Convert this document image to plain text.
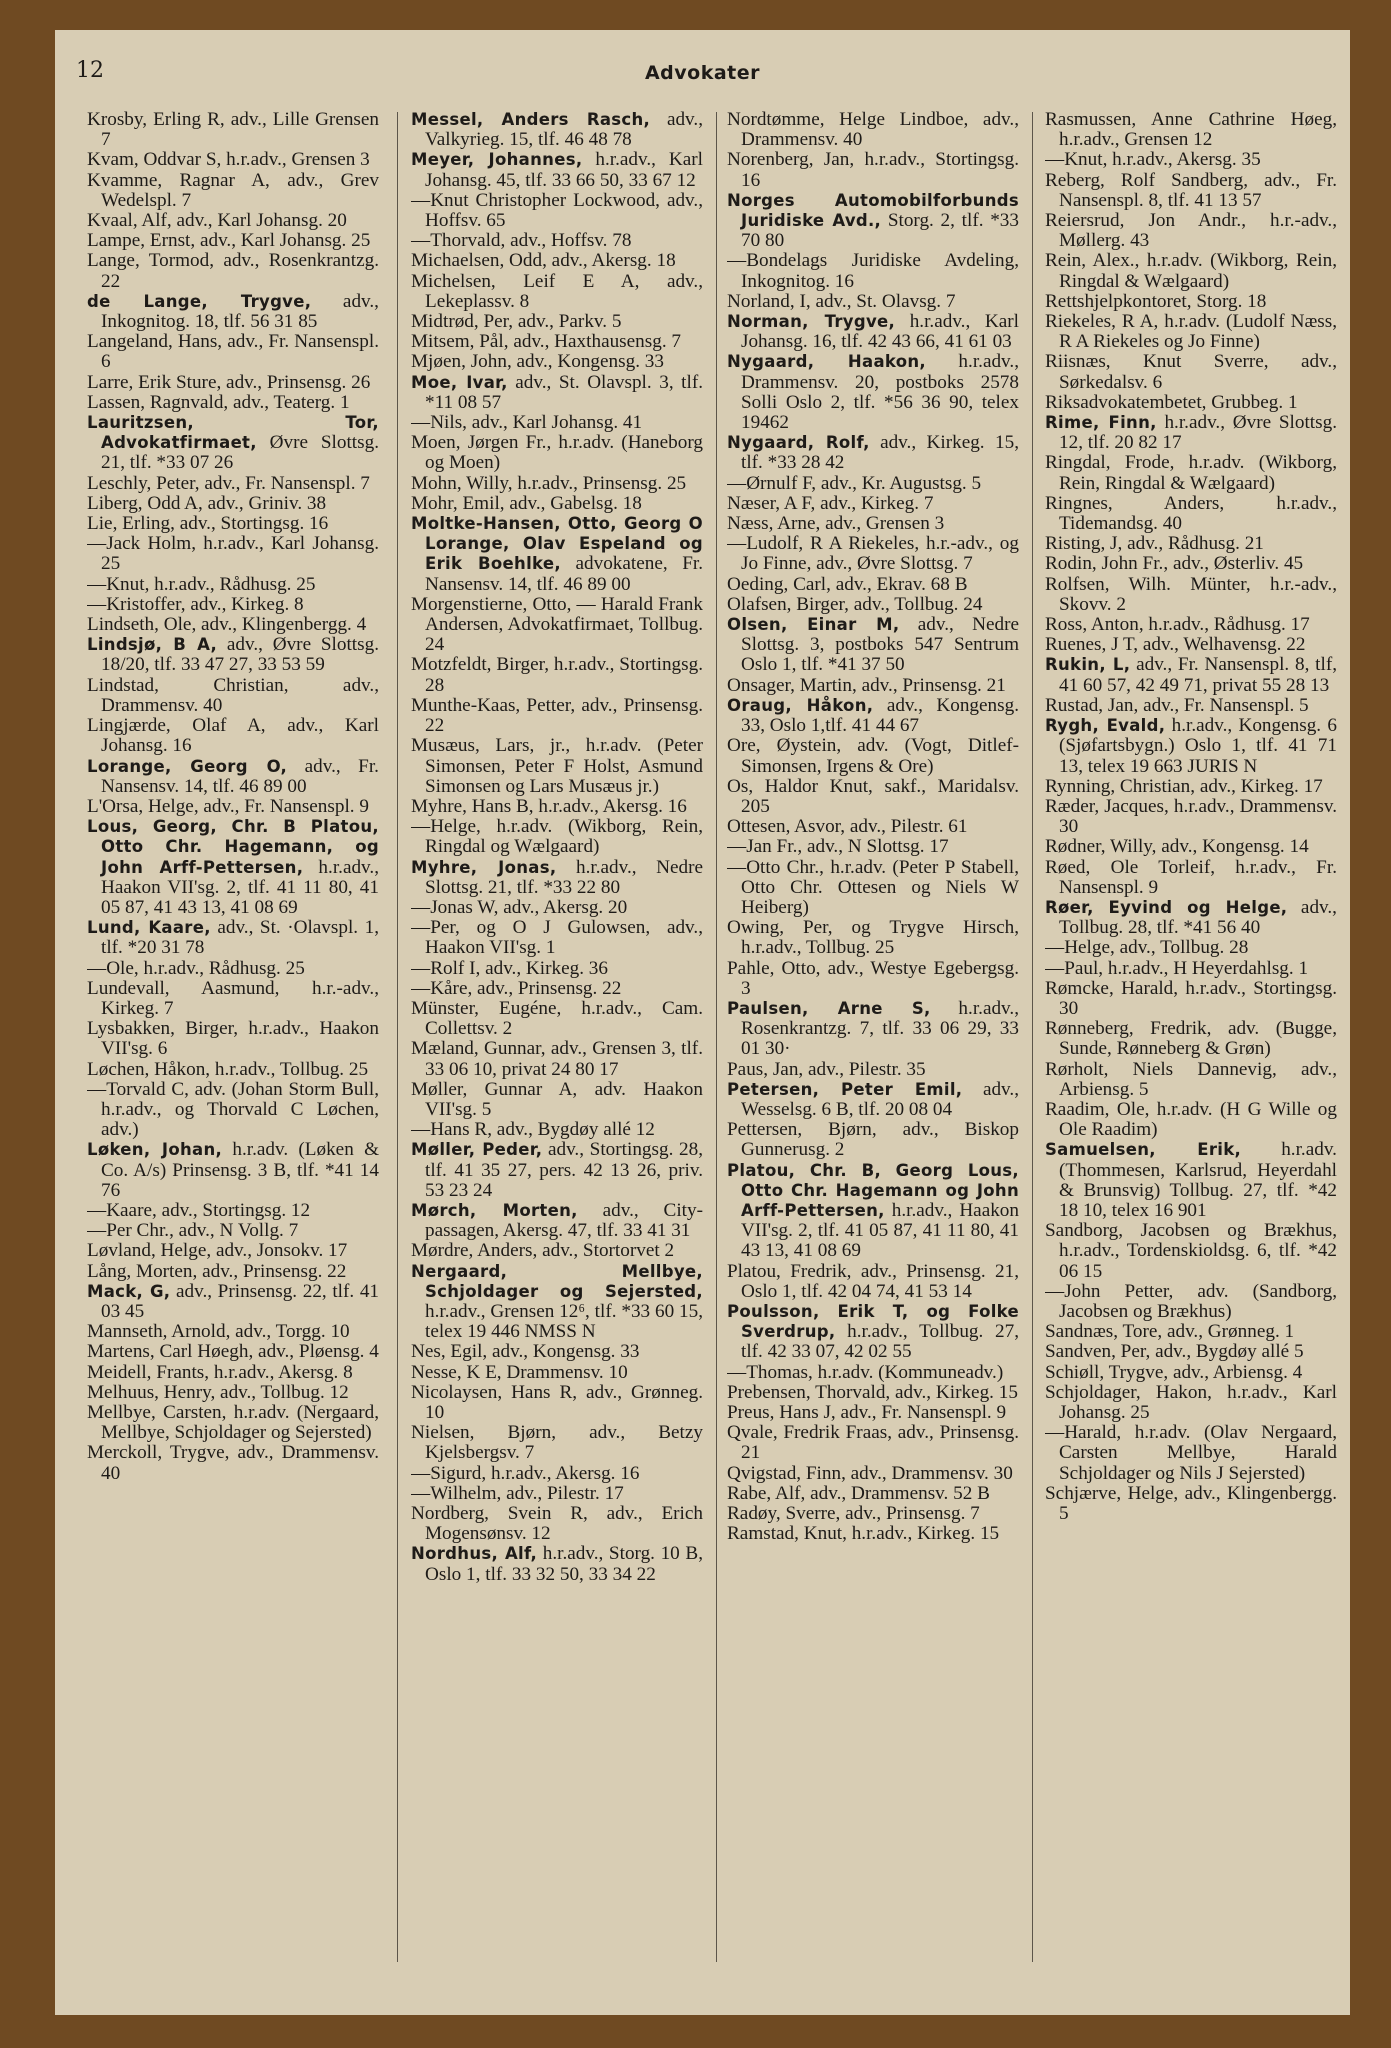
12	Advokater

Krosby, Erling R, adv., Lille Grensen 7

Kvam, Oddvar S, h.r.adv., Grensen 3

Kvamme, Ragnar A, adv., Grev Wedelspl. 7

Kvaal, Alf, adv., Karl Johansg. 20

Lampe, Ernst, adv., Karl Johansg. 25

Lange, Tormod, adv., Rosenkrantzg. 22

de Lange, Trygve, adv., Inkognitog. 18, tlf. 56 31 85

Langeland, Hans, adv., Fr. Nansenspl. 6

Larre, Erik Sture, adv., Prinsensg. 26

Lassen, Ragnvald, adv., Teaterg. 1

Lauritzsen, Tor, Advokatfirmaet, Øvre Slottsg. 21, tlf. *33 07 26

Leschly, Peter, adv., Fr. Nansenspl. 7

Liberg, Odd A, adv., Griniv. 38

Lie, Erling, adv., Stortingsg. 16

—Jack Holm, h.r.adv., Karl Johansg. 25

—Knut, h.r.adv., Rådhusg. 25

—Kristoffer, adv., Kirkeg. 8

Lindseth, Ole, adv., Klingenbergg. 4

Lindsjø, B A, adv., Øvre Slottsg. 18/20, tlf. 33 47 27, 33 53 59

Lindstad, Christian, adv., Drammensv. 40

Lingjærde, Olaf A, adv., Karl Johansg. 16

Lorange, Georg O, adv., Fr. Nansensv. 14, tlf. 46 89 00

L'Orsa, Helge, adv., Fr. Nansenspl. 9

Lous, Georg, Chr. B Platou, Otto Chr. Hagemann, og John Arff-Pettersen, h.r.adv., Haakon VII'sg. 2, tlf. 41 11 80, 41 05 87, 41 43 13, 41 08 69

Lund, Kaare, adv., St. ·Olavspl. 1, tlf. *20 31 78

—Ole, h.r.adv., Rådhusg. 25

Lundevall, Aasmund, h.r.-adv., Kirkeg. 7

Lysbakken, Birger, h.r.adv., Haakon VII'sg. 6

Løchen, Håkon, h.r.adv., Tollbug. 25

—Torvald C, adv. (Johan Storm Bull, h.r.adv., og Thorvald C Løchen, adv.)

Løken, Johan, h.r.adv. (Løken & Co. A/s) Prinsensg. 3 B, tlf. *41 14 76

—Kaare, adv., Stortingsg. 12

—Per Chr., adv., N Vollg. 7

Løvland, Helge, adv., Jonsokv. 17

Lång, Morten, adv., Prinsensg. 22

Mack, G, adv., Prinsensg. 22, tlf. 41 03 45

Mannseth, Arnold, adv., Torgg. 10

Martens, Carl Høegh, adv., Pløensg. 4

Meidell, Frants, h.r.adv., Akersg. 8

Melhuus, Henry, adv., Tollbug. 12

Mellbye, Carsten, h.r.adv. (Nergaard, Mellbye, Schjoldager og Sejersted)

Merckoll, Trygve, adv., Drammensv. 40

Messel, Anders Rasch, adv., Valkyrieg. 15, tlf. 46 48 78

Meyer, Johannes, h.r.adv., Karl Johansg. 45, tlf. 33 66 50, 33 67 12

—Knut Christopher Lockwood, adv., Hoffsv. 65

—Thorvald, adv., Hoffsv. 78

Michaelsen, Odd, adv., Akersg. 18

Michelsen, Leif E A, adv., Lekeplassv. 8

Midtrød, Per, adv., Parkv. 5

Mitsem, Pål, adv., Haxthausensg. 7

Mjøen, John, adv., Kongensg. 33

Moe, Ivar, adv., St. Olavspl. 3, tlf. *11 08 57

—Nils, adv., Karl Johansg. 41

Moen, Jørgen Fr., h.r.adv. (Haneborg og Moen)

Mohn, Willy, h.r.adv., Prinsensg. 25

Mohr, Emil, adv., Gabelsg. 18

Moltke-Hansen, Otto, Georg O Lorange, Olav Espeland og Erik Boehlke, advokatene, Fr. Nansensv. 14, tlf. 46 89 00

Morgenstierne, Otto, — Harald Frank Andersen, Advokatfirmaet, Tollbug. 24

Motzfeldt, Birger, h.r.adv., Stortingsg. 28

Munthe-Kaas, Petter, adv., Prinsensg. 22

Musæus, Lars, jr., h.r.adv. (Peter Simonsen, Peter F Holst, Asmund Simonsen og Lars Musæus jr.)

Myhre, Hans B, h.r.adv., Akersg. 16

—Helge, h.r.adv. (Wikborg, Rein, Ringdal og Wælgaard)

Myhre, Jonas, h.r.adv., Nedre Slottsg. 21, tlf. *33 22 80

—Jonas W, adv., Akersg. 20

—Per, og O J Gulowsen, adv., Haakon VII'sg. 1

—Rolf I, adv., Kirkeg. 36

—Kåre, adv., Prinsensg. 22

Münster, Eugéne, h.r.adv., Cam. Collettsv. 2

Mæland, Gunnar, adv., Grensen 3, tlf. 33 06 10, privat 24 80 17

Møller, Gunnar A, adv. Haakon VII'sg. 5

—Hans R, adv., Bygdøy allé 12

Møller, Peder, adv., Stortingsg. 28, tlf. 41 35 27, pers. 42 13 26, priv. 53 23 24

Mørch, Morten, adv., City-passagen, Akersg. 47, tlf. 33 41 31

Mørdre, Anders, adv., Stortorvet 2

Nergaard, Mellbye, Schjoldager og Sejersted, h.r.adv., Grensen 12⁶, tlf. *33 60 15, telex 19 446 NMSS N

Nes, Egil, adv., Kongensg. 33

Nesse, K E, Drammensv. 10

Nicolaysen, Hans R, adv., Grønneg. 10

Nielsen, Bjørn, adv., Betzy Kjelsbergsv. 7

—Sigurd, h.r.adv., Akersg. 16

—Wilhelm, adv., Pilestr. 17

Nordberg, Svein R, adv., Erich Mogensønsv. 12

Nordhus, Alf, h.r.adv., Storg. 10 B, Oslo 1, tlf. 33 32 50, 33 34 22

Nordtømme, Helge Lindboe, adv., Drammensv. 40

Norenberg, Jan, h.r.adv., Stortingsg. 16

Norges Automobilforbunds Juridiske Avd., Storg. 2, tlf. *33 70 80

—Bondelags Juridiske Avdeling, Inkognitog. 16

Norland, I, adv., St. Olavsg. 7

Norman, Trygve, h.r.adv., Karl Johansg. 16, tlf. 42 43 66, 41 61 03

Nygaard, Haakon, h.r.adv., Drammensv. 20, postboks 2578 Solli Oslo 2, tlf. *56 36 90, telex 19462

Nygaard, Rolf, adv., Kirkeg. 15, tlf. *33 28 42

—Ørnulf F, adv., Kr. Augustsg. 5

Næser, A F, adv., Kirkeg. 7

Næss, Arne, adv., Grensen 3

—Ludolf, R A Riekeles, h.r.-adv., og Jo Finne, adv., Øvre Slottsg. 7

Oeding, Carl, adv., Ekrav. 68 B

Olafsen, Birger, adv., Tollbug. 24

Olsen, Einar M, adv., Nedre Slottsg. 3, postboks 547 Sentrum Oslo 1, tlf. *41 37 50

Onsager, Martin, adv., Prinsensg. 21

Oraug, Håkon, adv., Kongensg. 33, Oslo 1,tlf. 41 44 67

Ore, Øystein, adv. (Vogt, Ditlef-Simonsen, Irgens & Ore)

Os, Haldor Knut, sakf., Maridalsv. 205

Ottesen, Asvor, adv., Pilestr. 61

—Jan Fr., adv., N Slottsg. 17

—Otto Chr., h.r.adv. (Peter P Stabell, Otto Chr. Ottesen og Niels W Heiberg)

Owing, Per, og Trygve Hirsch, h.r.adv., Tollbug. 25

Pahle, Otto, adv., Westye Egebergsg. 3

Paulsen, Arne S, h.r.adv., Rosenkrantzg. 7, tlf. 33 06 29, 33 01 30·

Paus, Jan, adv., Pilestr. 35

Petersen, Peter Emil, adv., Wesselsg. 6 B, tlf. 20 08 04

Pettersen, Bjørn, adv., Biskop Gunnerusg. 2

Platou, Chr. B, Georg Lous, Otto Chr. Hagemann og John Arff-Pettersen, h.r.adv., Haakon VII'sg. 2, tlf. 41 05 87, 41 11 80, 41 43 13, 41 08 69

Platou, Fredrik, adv., Prinsensg. 21, Oslo 1, tlf. 42 04 74, 41 53 14

Poulsson, Erik T, og Folke Sverdrup, h.r.adv., Tollbug. 27, tlf. 42 33 07, 42 02 55

—Thomas, h.r.adv. (Kommuneadv.)

Prebensen, Thorvald, adv., Kirkeg. 15

Preus, Hans J, adv., Fr. Nansenspl. 9

Qvale, Fredrik Fraas, adv., Prinsensg. 21

Qvigstad, Finn, adv., Drammensv. 30

Rabe, Alf, adv., Drammensv. 52 B

Radøy, Sverre, adv., Prinsensg. 7

Ramstad, Knut, h.r.adv., Kirkeg. 15

Rasmussen, Anne Cathrine Høeg, h.r.adv., Grensen 12

—Knut, h.r.adv., Akersg. 35

Reberg, Rolf Sandberg, adv., Fr. Nansenspl. 8, tlf. 41 13 57

Reiersrud, Jon Andr., h.r.-adv., Møllerg. 43

Rein, Alex., h.r.adv. (Wikborg, Rein, Ringdal & Wælgaard)

Rettshjelpkontoret, Storg. 18

Riekeles, R A, h.r.adv. (Ludolf Næss, R A Riekeles og Jo Finne)

Riisnæs, Knut Sverre, adv., Sørkedalsv. 6

Riksadvokatembetet, Grubbeg. 1

Rime, Finn, h.r.adv., Øvre Slottsg. 12, tlf. 20 82 17

Ringdal, Frode, h.r.adv. (Wikborg, Rein, Ringdal & Wælgaard)

Ringnes, Anders, h.r.adv., Tidemandsg. 40

Risting, J, adv., Rådhusg. 21

Rodin, John Fr., adv., Østerliv. 45

Rolfsen, Wilh. Münter, h.r.-adv., Skovv. 2

Ross, Anton, h.r.adv., Rådhusg. 17

Ruenes, J T, adv., Welhavensg. 22

Rukin, L, adv., Fr. Nansenspl. 8, tlf, 41 60 57, 42 49 71, privat 55 28 13

Rustad, Jan, adv., Fr. Nansenspl. 5

Rygh, Evald, h.r.adv., Kongensg. 6 (Sjøfartsbygn.) Oslo 1, tlf. 41 71 13, telex 19 663 JURIS N

Rynning, Christian, adv., Kirkeg. 17

Ræder, Jacques, h.r.adv., Drammensv. 30

Rødner, Willy, adv., Kongensg. 14

Røed, Ole Torleif, h.r.adv., Fr. Nansenspl. 9

Røer, Eyvind og Helge, adv., Tollbug. 28, tlf. *41 56 40

—Helge, adv., Tollbug. 28

—Paul, h.r.adv., H Heyerdahlsg. 1

Rømcke, Harald, h.r.adv., Stortingsg. 30

Rønneberg, Fredrik, adv. (Bugge, Sunde, Rønneberg & Grøn)

Rørholt, Niels Dannevig, adv., Arbiensg. 5

Raadim, Ole, h.r.adv. (H G Wille og Ole Raadim)

Samuelsen, Erik, h.r.adv. (Thommesen, Karlsrud, Heyerdahl & Brunsvig) Tollbug. 27, tlf. *42 18 10, telex 16 901

Sandborg, Jacobsen og Brækhus, h.r.adv., Tordenskioldsg. 6, tlf. *42 06 15

—John Petter, adv. (Sandborg, Jacobsen og Brækhus)

Sandnæs, Tore, adv., Grønneg. 1

Sandven, Per, adv., Bygdøy allé 5

Schiøll, Trygve, adv., Arbiensg. 4

Schjoldager, Hakon, h.r.adv., Karl Johansg. 25

—Harald, h.r.adv. (Olav Nergaard, Carsten Mellbye, Harald Schjoldager og Nils J Sejersted)

Schjærve, Helge, adv., Klingenbergg. 5
